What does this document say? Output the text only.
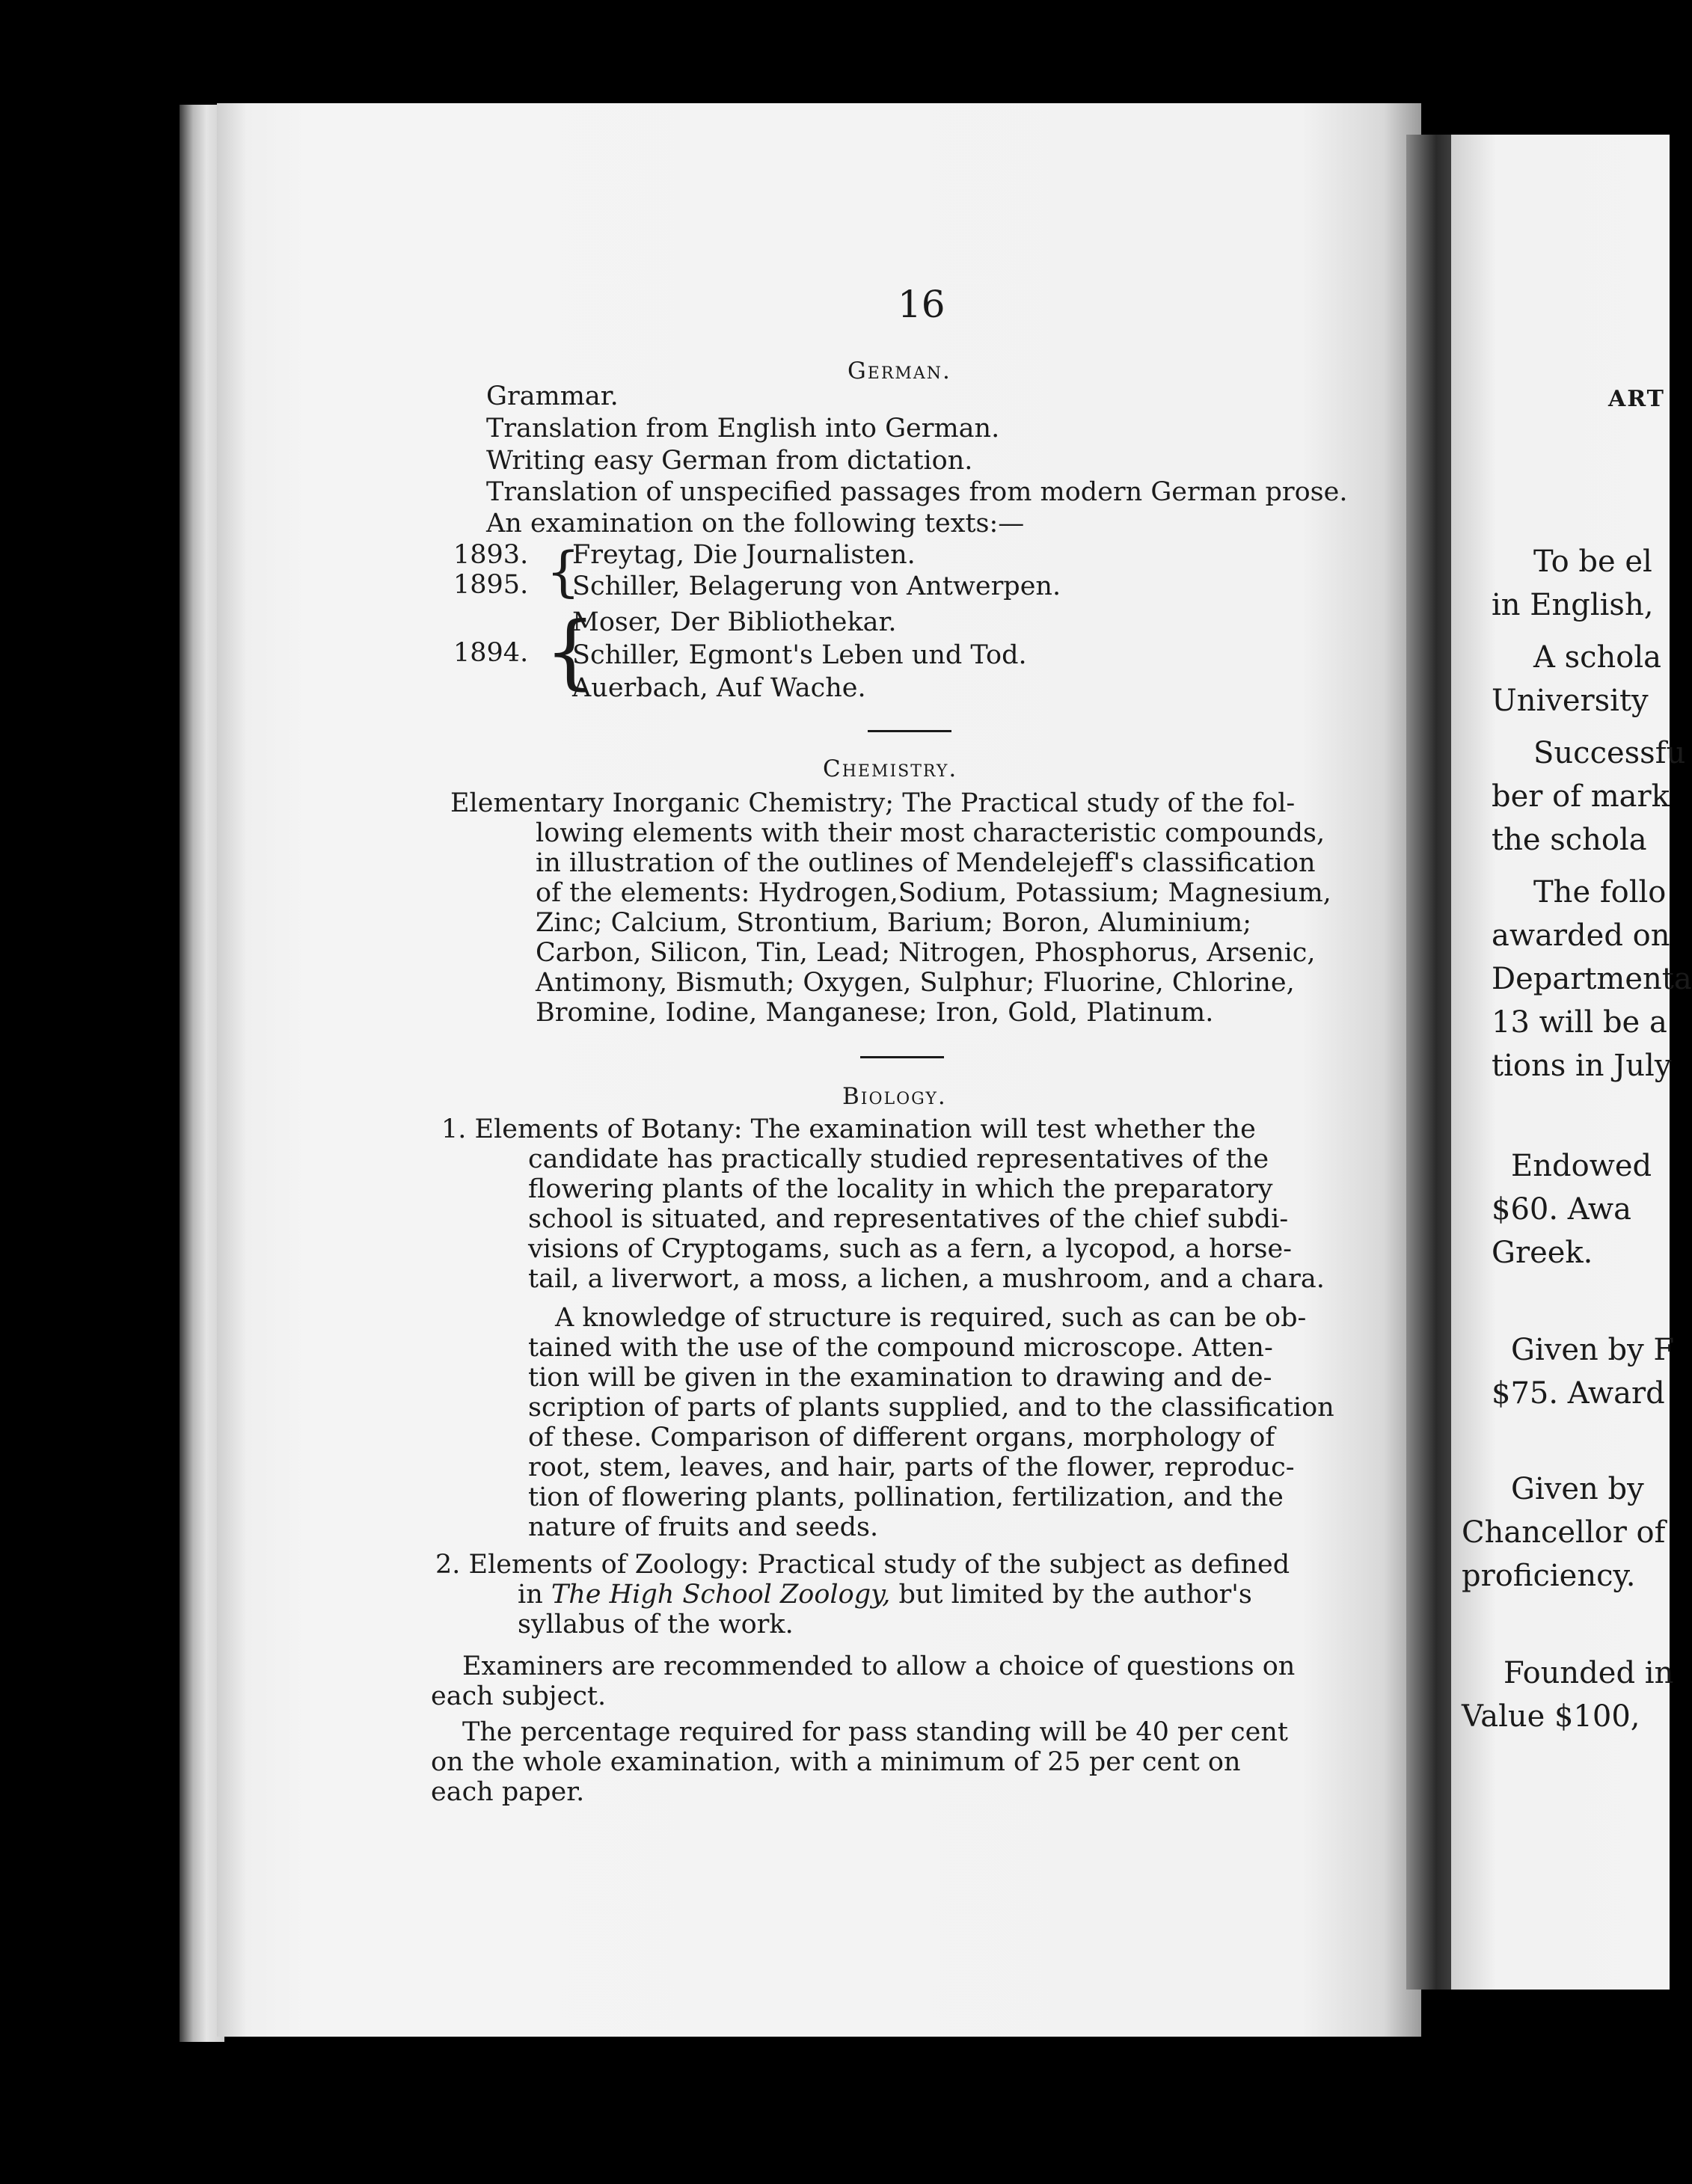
16
German.
Grammar.
Translation from English into German.
Writing easy German from dictation.
Translation of unspecified passages from modern German prose.
An examination on the following texts:—
1893.
1895. {
Freytag, Die Journalisten.
Schiller, Belagerung von Antwerpen.
{
1894.
Moser, Der Bibliothekar.
Schiller, Egmont's Leben und Tod.
Auerbach, Auf Wache.
Chemistry.
Elementary Inorganic Chemistry; The Practical study of the fol-
lowing elements with their most characteristic compounds,
in illustration of the outlines of Mendelejeff's classification
of the elements: Hydrogen,Sodium, Potassium; Magnesium,
Zinc; Calcium, Strontium, Barium; Boron, Aluminium;
Carbon, Silicon, Tin, Lead; Nitrogen, Phosphorus, Arsenic,
Antimony, Bismuth; Oxygen, Sulphur; Fluorine, Chlorine,
Bromine, Iodine, Manganese; Iron, Gold, Platinum.
Biology.
1. Elements of Botany: The examination will test whether the
candidate has practically studied representatives of the
flowering plants of the locality in which the preparatory
school is situated, and representatives of the chief subdi-
visions of Cryptogams, such as a fern, a lycopod, a horse-
tail, a liverwort, a moss, a lichen, a mushroom, and a chara.
A knowledge of structure is required, such as can be ob-
tained with the use of the compound microscope. Atten-
tion will be given in the examination to drawing and de-
scription of parts of plants supplied, and to the classification
of these. Comparison of different organs, morphology of
root, stem, leaves, and hair, parts of the flower, reproduc-
tion of flowering plants, pollination, fertilization, and the
nature of fruits and seeds.
2. Elements of Zoology: Practical study of the subject as defined
in The High School Zoology, but limited by the author's
syllabus of the work.
Examiners are recommended to allow a choice of questions on
each subject.
The percentage required for pass standing will be 40 per cent
on the whole examination, with a minimum of 25 per cent on
each paper.
ART
To be el
in English,
A schola
University
Successfu
ber of mark
the schola
The follo
awarded on
Departmenta
13 will be a
tions in July
Endowed
$60. Awa
Greek.
Given by F
$75. Award
Given by
Chancellor of
proficiency.
Founded in
Value $100,
